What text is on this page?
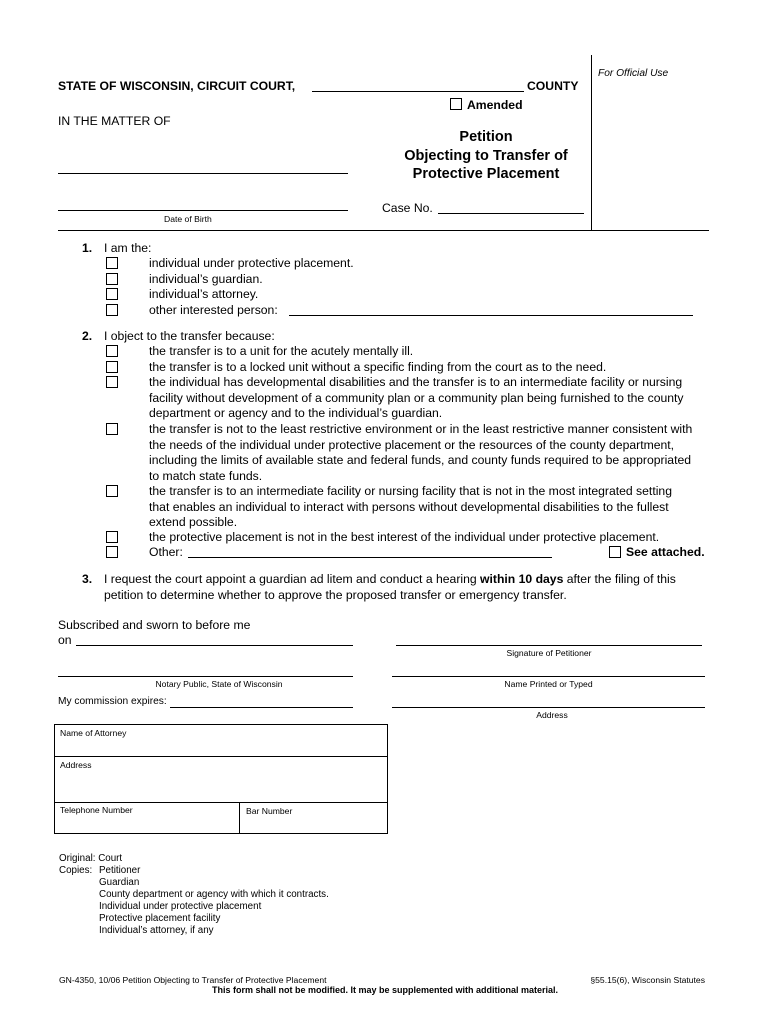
For Official Use
STATE OF WISCONSIN, CIRCUIT COURT,	COUNTY
Amended
IN THE MATTER OF
Date of Birth
Petition
Objecting to Transfer of
Protective Placement
Case No.
1. I am the:
individual under protective placement.
individual’s guardian.
individual’s attorney.
other interested person:
2. I object to the transfer because:
the transfer is to a unit for the acutely mentally ill.
the transfer is to a locked unit without a specific finding from the court as to the need.
the individual has developmental disabilities and the transfer is to an intermediate facility or nursing
facility without development of a community plan or a community plan being furnished to the county
department or agency and to the individual’s guardian.
the transfer is not to the least restrictive environment or in the least restrictive manner consistent with
the needs of the individual under protective placement or the resources of the county department,
including the limits of available state and federal funds, and county funds required to be appropriated
to match state funds.
the transfer is to an intermediate facility or nursing facility that is not in the most integrated setting
that enables an individual to interact with persons without developmental disabilities to the fullest
extend possible.
the protective placement is not in the best interest of the individual under protective placement.
Other:	See attached.
3. I request the court appoint a guardian ad litem and conduct a hearing within 10 days after the filing of this
petition to determine whether to approve the proposed transfer or emergency transfer.
Subscribed and sworn to before me
on
Signature of Petitioner
Notary Public, State of Wisconsin	Name Printed or Typed
My commission expires:
Address
Name of Attorney
Address
Telephone Number	Bar Number
Original: Court
Copies: Petitioner
Guardian
County department or agency with which it contracts.
Individual under protective placement
Protective placement facility
Individual’s attorney, if any
GN-4350, 10/06 Petition Objecting to Transfer of Protective Placement	§55.15(6), Wisconsin Statutes
This form shall not be modified. It may be supplemented with additional material.
